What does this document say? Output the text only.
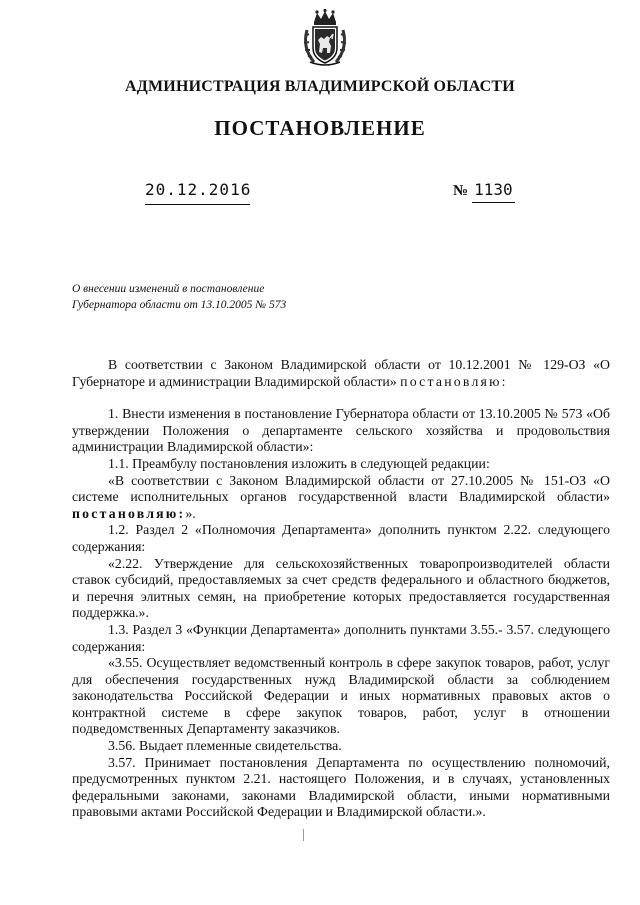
АДМИНИСТРАЦИЯ ВЛАДИМИРСКОЙ ОБЛАСТИ
ПОСТАНОВЛЕНИЕ
20.12.2016	№ 1130
О внесении изменений в постановление
Губернатора области от 13.10.2005 № 573

В соответствии с Законом Владимирской области от 10.12.2001 № 129-ОЗ «О Губернаторе и администрации Владимирской области» постановляю:

1. Внести изменения в постановление Губернатора области от 13.10.2005 № 573 «Об утверждении Положения о департаменте сельского хозяйства и продовольствия администрации Владимирской области»:

1.1. Преамбулу постановления изложить в следующей редакции:

«В соответствии с Законом Владимирской области от 27.10.2005 № 151-ОЗ «О системе исполнительных органов государственной власти Владимирской области» постановляю:».

1.2. Раздел 2 «Полномочия Департамента» дополнить пунктом 2.22. следующего содержания:

«2.22. Утверждение для сельскохозяйственных товаропроизводителей области ставок субсидий, предоставляемых за счет средств федерального и областного бюджетов, и перечня элитных семян, на приобретение которых предоставляется государственная поддержка.».

1.3. Раздел 3 «Функции Департамента» дополнить пунктами 3.55.- 3.57. следующего содержания:

«3.55. Осуществляет ведомственный контроль в сфере закупок товаров, работ, услуг для обеспечения государственных нужд Владимирской области за соблюдением законодательства Российской Федерации и иных нормативных правовых актов о контрактной системе в сфере закупок товаров, работ, услуг в отношении подведомственных Департаменту заказчиков.

3.56. Выдает племенные свидетельства.

3.57. Принимает постановления Департамента по осуществлению полномочий, предусмотренных пунктом 2.21. настоящего Положения, и в случаях, установленных федеральными законами, законами Владимирской области, иными нормативными правовыми актами Российской Федерации и Владимирской области.».
